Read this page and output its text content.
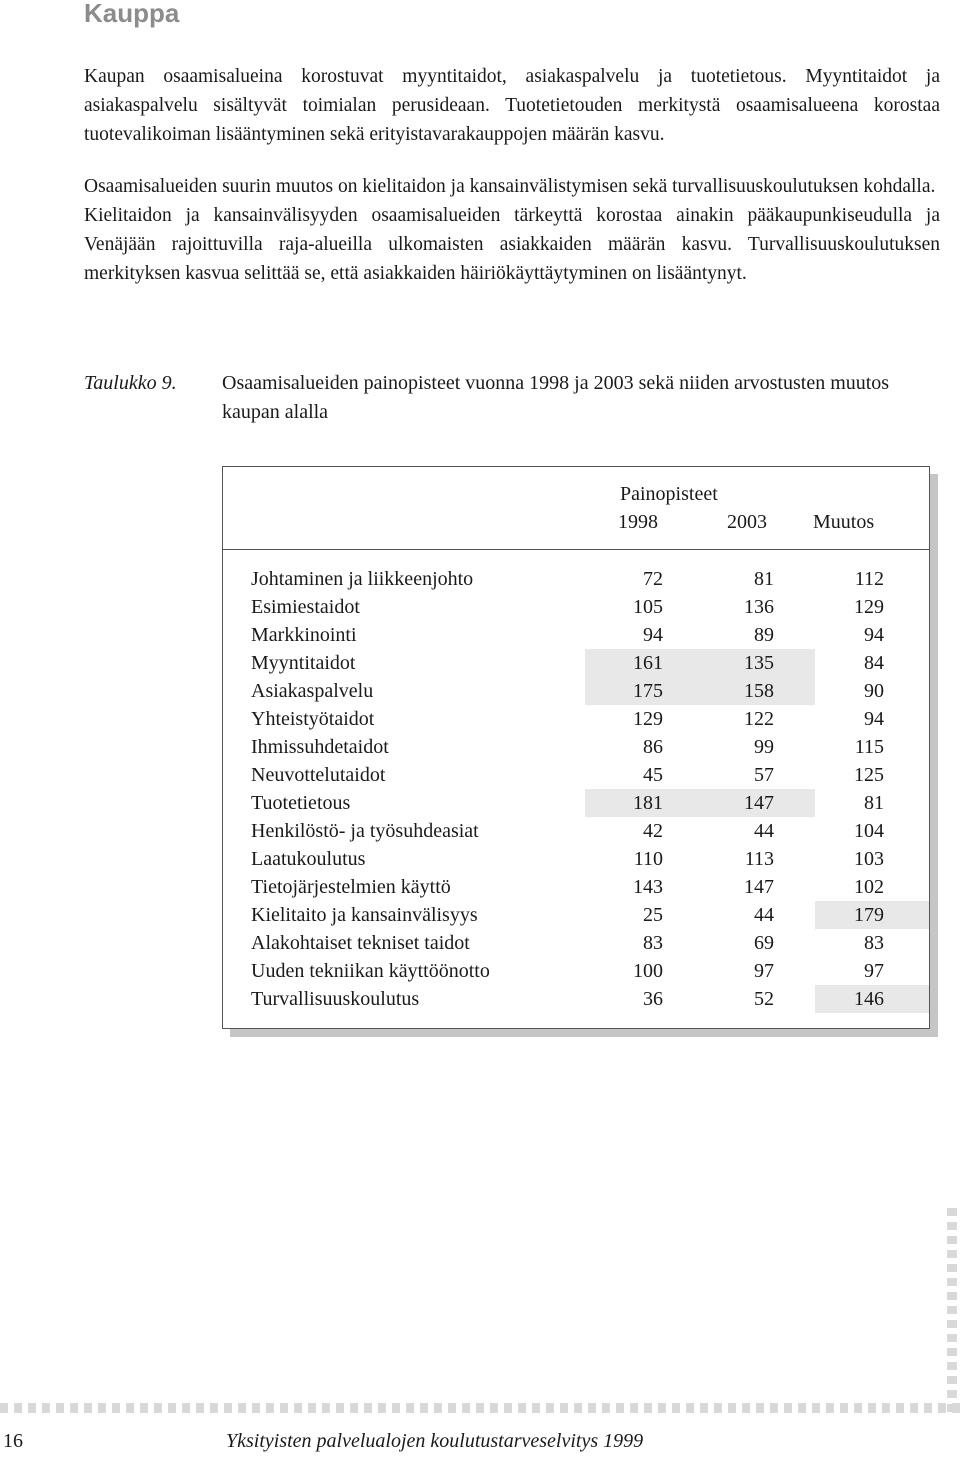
Kauppa

Kaupan osaamisalueina korostuvat myyntitaidot, asiakaspalvelu ja tuotetietous. Myyntitaidot ja asiakaspalvelu sisältyvät toimialan perusideaan. Tuotetietouden merkitystä osaamisalueena korostaa tuotevalikoiman lisääntyminen sekä erityistavarakauppojen määrän kasvu.

Osaamisalueiden suurin muutos on kielitaidon ja kansainvälistymisen sekä turvallisuuskoulutuksen kohdalla.

Kielitaidon ja kansainvälisyyden osaamisalueiden tärkeyttä korostaa ainakin pääkaupunkiseudulla ja Venäjään rajoittuvilla raja-alueilla ulkomaisten asiakkaiden määrän kasvu. Turvallisuuskoulutuksen merkityksen kasvua selittää se, että asiakkaiden häiriökäyttäytyminen on lisääntynyt.

Taulukko 9. Osaamisalueiden painopisteet vuonna 1998 ja 2003 sekä niiden arvostusten muutos kaupan alalla
Painopisteet
1998	2003 Muutos
Johtaminen ja liikkeenjohto	72	81	112
Esimiestaidot	105	136	129
Markkinointi	94	89	94
Myyntitaidot	161	135	84
Asiakaspalvelu	175	158	90
Yhteistyötaidot	129	122	94
Ihmissuhdetaidot	86	99	115
Neuvottelutaidot	45	57	125
Tuotetietous	181	147	81
Henkilöstö- ja työsuhdeasiat	42	44	104
Laatukoulutus	110	113	103
Tietojärjestelmien käyttö	143	147	102
Kielitaito ja kansainvälisyys	25	44	179
Alakohtaiset tekniset taidot	83	69	83
Uuden tekniikan käyttöönotto	100	97	97
Turvallisuuskoulutus	36	52	146
16	Yksityisten palvelualojen koulutustarveselvitys 1999
